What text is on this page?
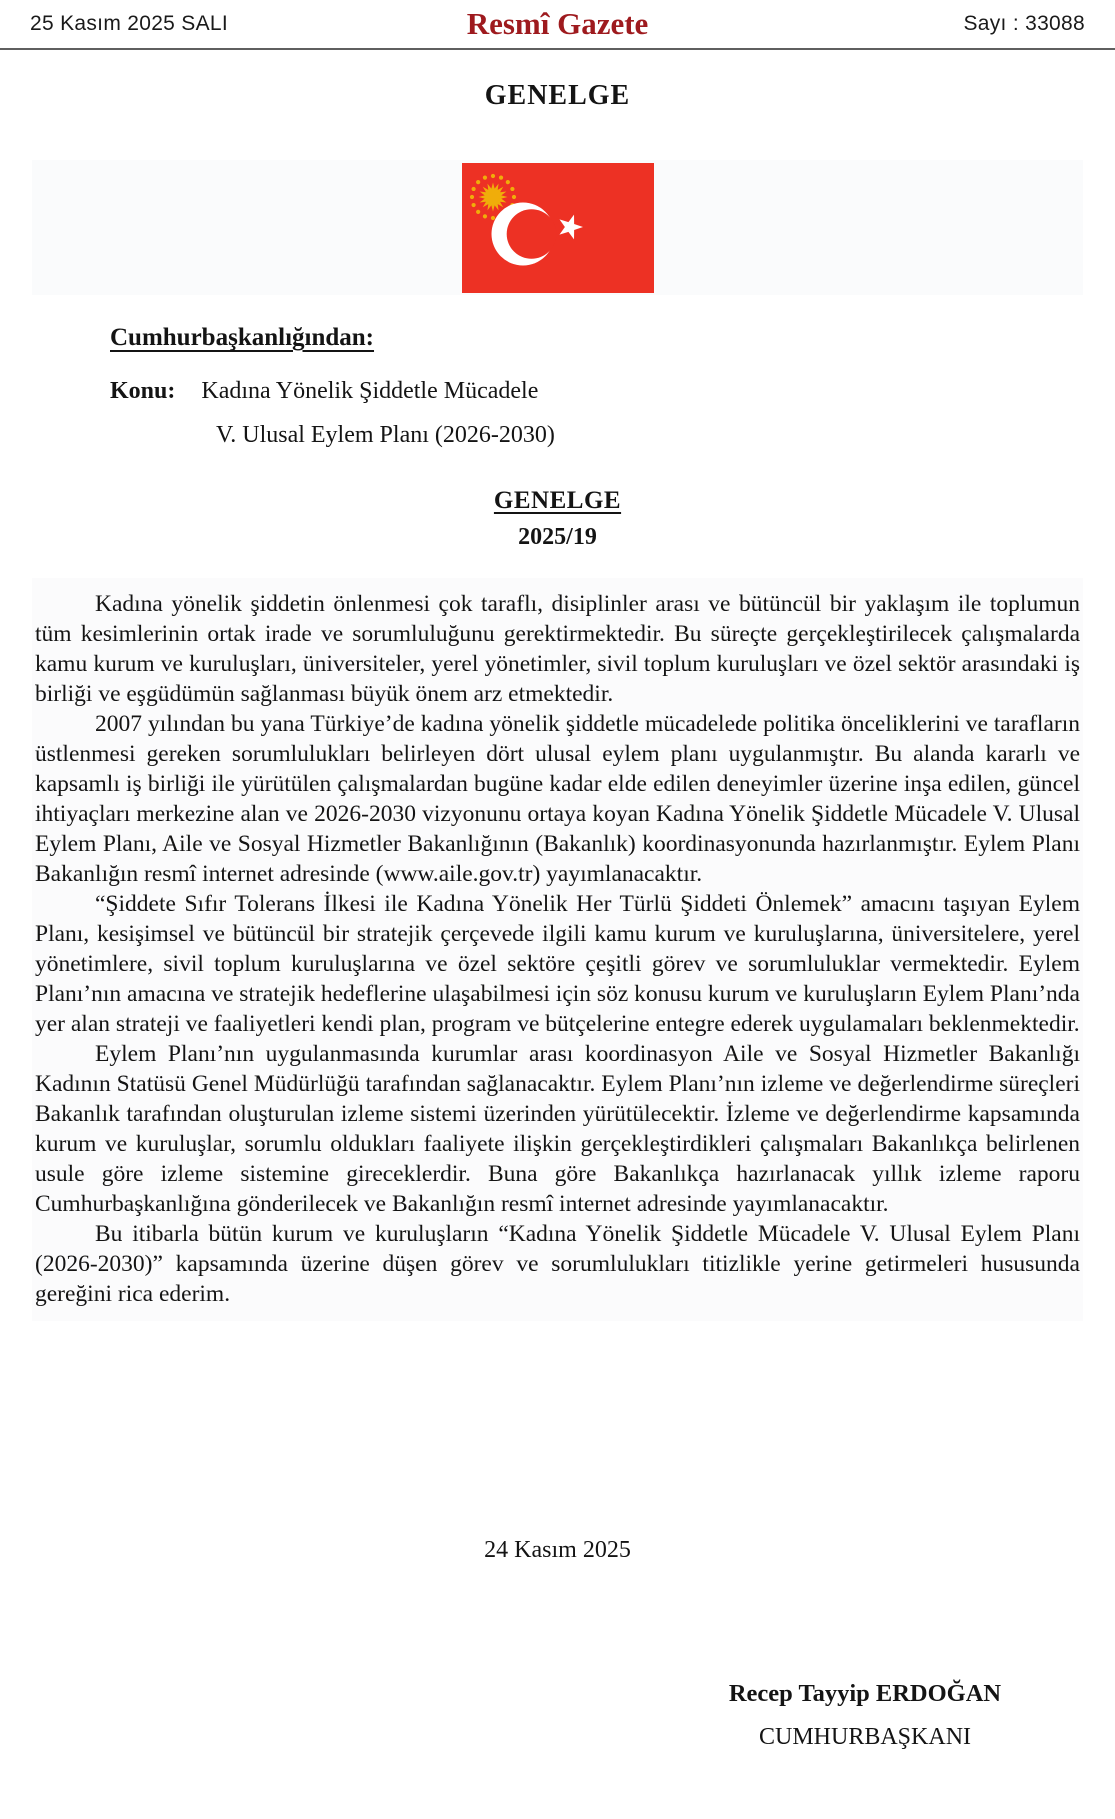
25 Kasım 2025 SALI	Resmî Gazete	Sayı : 33088
GENELGE
Cumhurbaşkanlığından:
Konu: Kadına Yönelik Şiddetle Mücadele
V. Ulusal Eylem Planı (2026-2030)
GENELGE
2025/19

Kadına yönelik şiddetin önlenmesi çok taraflı, disiplinler arası ve bütüncül bir yaklaşım ile toplumun tüm kesimlerinin ortak irade ve sorumluluğunu gerektirmektedir. Bu süreçte gerçekleştirilecek çalışmalarda kamu kurum ve kuruluşları, üniversiteler, yerel yönetimler, sivil toplum kuruluşları ve özel sektör arasındaki iş birliği ve eşgüdümün sağlanması büyük önem arz etmektedir.

2007 yılından bu yana Türkiye’de kadına yönelik şiddetle mücadelede politika önceliklerini ve tarafların üstlenmesi gereken sorumlulukları belirleyen dört ulusal eylem planı uygulanmıştır. Bu alanda kararlı ve kapsamlı iş birliği ile yürütülen çalışmalardan bugüne kadar elde edilen deneyimler üzerine inşa edilen, güncel ihtiyaçları merkezine alan ve 2026-2030 vizyonunu ortaya koyan Kadına Yönelik Şiddetle Mücadele V. Ulusal Eylem Planı, Aile ve Sosyal Hizmetler Bakanlığının (Bakanlık) koordinasyonunda hazırlanmıştır. Eylem Planı Bakanlığın resmî internet adresinde (www.aile.gov.tr) yayımlanacaktır.

“Şiddete Sıfır Tolerans İlkesi ile Kadına Yönelik Her Türlü Şiddeti Önlemek” amacını taşıyan Eylem Planı, kesişimsel ve bütüncül bir stratejik çerçevede ilgili kamu kurum ve kuruluşlarına, üniversitelere, yerel yönetimlere, sivil toplum kuruluşlarına ve özel sektöre çeşitli görev ve sorumluluklar vermektedir. Eylem Planı’nın amacına ve stratejik hedeflerine ulaşabilmesi için söz konusu kurum ve kuruluşların Eylem Planı’nda yer alan strateji ve faaliyetleri kendi plan, program ve bütçelerine entegre ederek uygulamaları beklenmektedir.

Eylem Planı’nın uygulanmasında kurumlar arası koordinasyon Aile ve Sosyal Hizmetler Bakanlığı Kadının Statüsü Genel Müdürlüğü tarafından sağlanacaktır. Eylem Planı’nın izleme ve değerlendirme süreçleri Bakanlık tarafından oluşturulan izleme sistemi üzerinden yürütülecektir. İzleme ve değerlendirme kapsamında kurum ve kuruluşlar, sorumlu oldukları faaliyete ilişkin gerçekleştirdikleri çalışmaları Bakanlıkça belirlenen usule göre izleme sistemine gireceklerdir. Buna göre Bakanlıkça hazırlanacak yıllık izleme raporu Cumhurbaşkanlığına gönderilecek ve Bakanlığın resmî internet adresinde yayımlanacaktır.

Bu itibarla bütün kurum ve kuruluşların “Kadına Yönelik Şiddetle Mücadele V. Ulusal Eylem Planı (2026-2030)” kapsamında üzerine düşen görev ve sorumlulukları titizlikle yerine getirmeleri hususunda gereğini rica ederim.

24 Kasım 2025
Recep Tayyip ERDOĞAN
CUMHURBAŞKANI
